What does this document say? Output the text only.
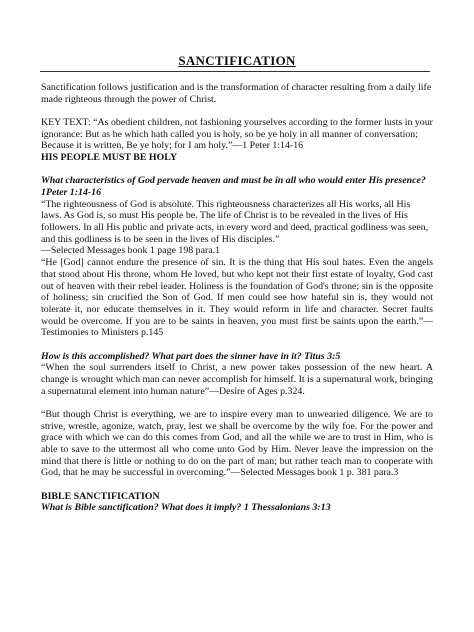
SANCTIFICATION

Sanctification follows justification and is the transformation of character resulting from a daily life made righteous through the power of Christ.

KEY TEXT: “As obedient children, not fashioning yourselves according to the former lusts in your ignorance: But as he which hath called you is holy, so be ye holy in all manner of conversation; Because it is written, Be ye holy; for I am holy.”—1 Peter 1:14-16

HIS PEOPLE MUST BE HOLY

What characteristics of God pervade heaven and must be in all who would enter His presence?

1Peter 1:14-16

“The righteousness of God is absolute. This righteousness characterizes all His works, all His laws. As God is, so must His people be. The life of Christ is to be revealed in the lives of His followers. In all His public and private acts, in every word and deed, practical godliness was seen, and this godliness is to be seen in the lives of His disciples.”

—Selected Messages book 1 page 198 para.1

“He [God] cannot endure the presence of sin. It is the thing that His soul hates. Even the angels that stood about His throne, whom He loved, but who kept not their first estate of loyalty, God cast out of heaven with their rebel leader. Holiness is the foundation of God's throne; sin is the opposite of holiness; sin crucified the Son of God. If men could see how hateful sin is, they would not tolerate it, nor educate themselves in it. They would reform in life and character. Secret faults would be overcome. If you are to be saints in heaven, you must first be saints upon the earth.”—Testimonies to Ministers p.145

How is this accomplished? What part does the sinner have in it? Titus 3:5

“When the soul surrenders itself to Christ, a new power takes possession of the new heart. A change is wrought which man can never accomplish for himself. It is a supernatural work, bringing a supernatural element into human nature”—Desire of Ages p.324.

“But though Christ is everything, we are to inspire every man to unwearied diligence. We are to strive, wrestle, agonize, watch, pray, lest we shall be overcome by the wily foe. For the power and grace with which we can do this comes from God, and all the while we are to trust in Him, who is able to save to the uttermost all who come unto God by Him. Never leave the impression on the mind that there is little or nothing to do on the part of man; but rather teach man to cooperate with God, that he may be successful in overcoming.”—Selected Messages book 1 p. 381 para.3

BIBLE SANCTIFICATION

What is Bible sanctification? What does it imply? 1 Thessalonians 3:13
